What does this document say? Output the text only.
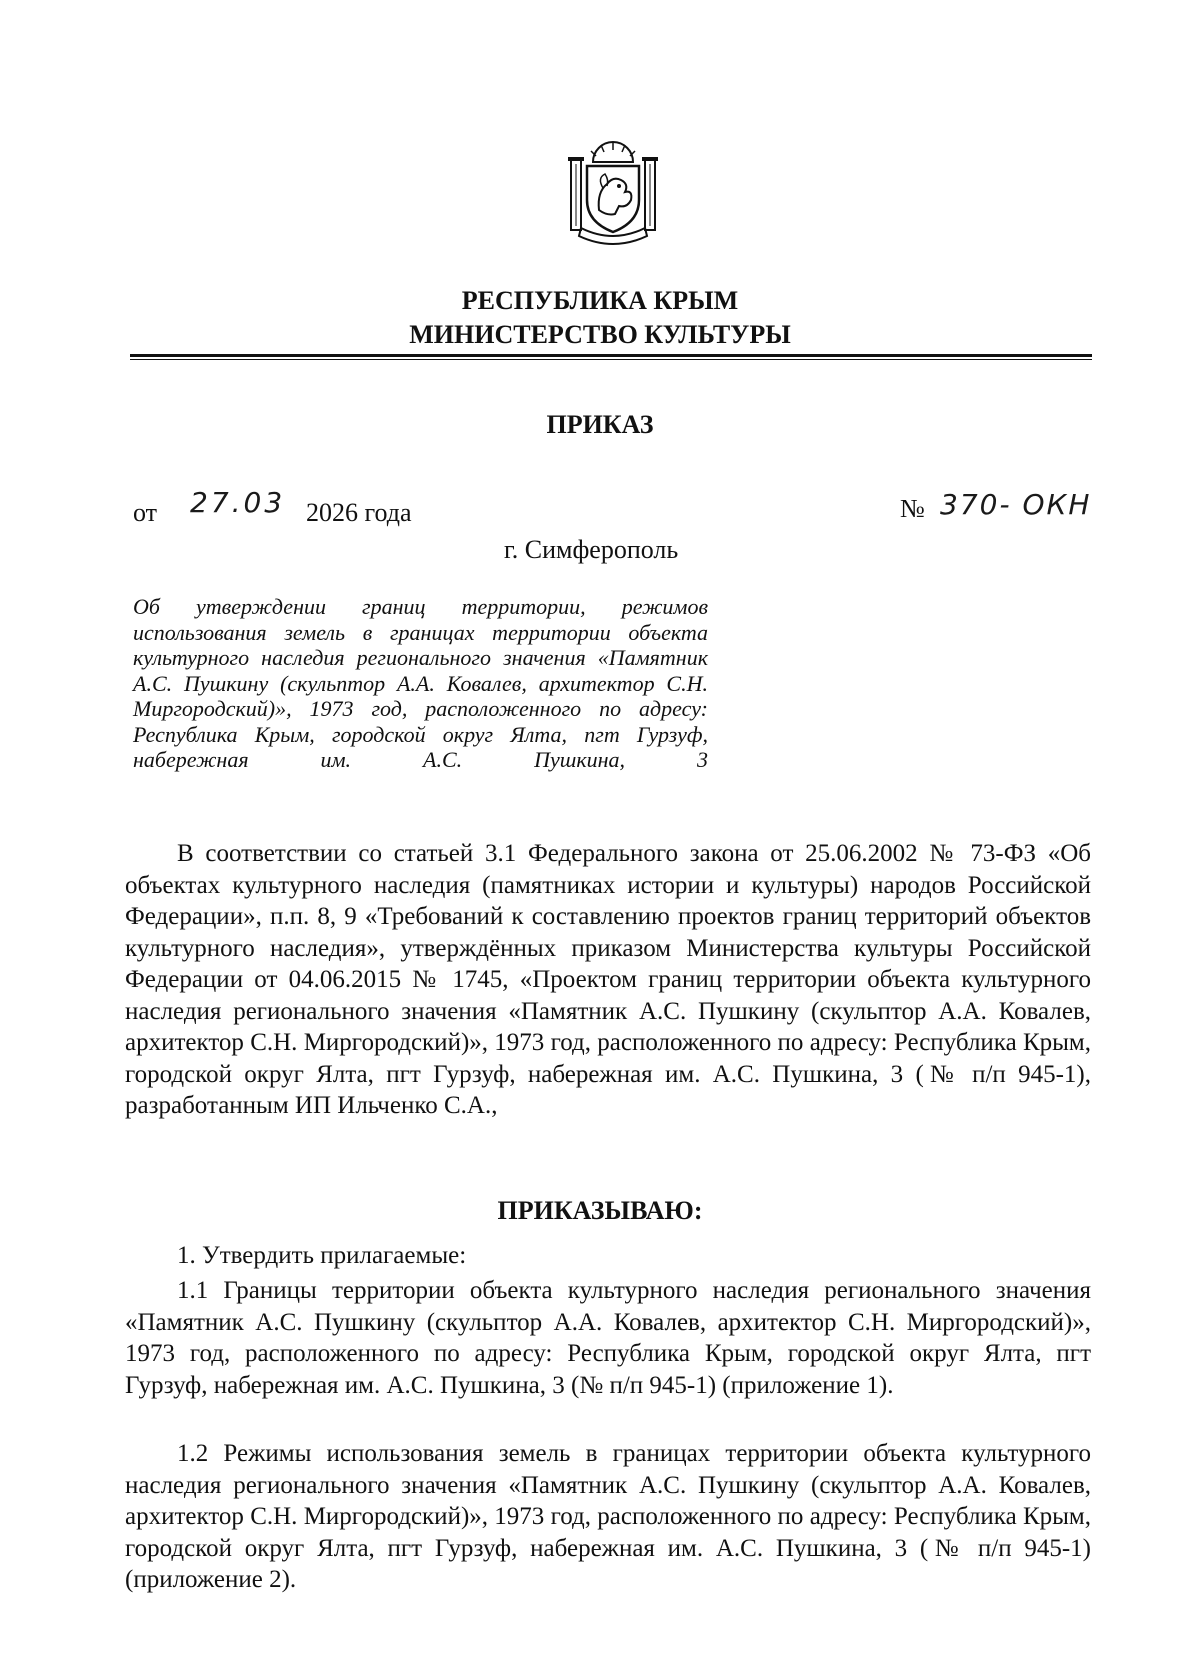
РЕСПУБЛИКА КРЫМ
МИНИСТЕРСТВО КУЛЬТУРЫ
ПРИКАЗ
от 27.03 2026 года	№ 370- ОКН
г. Симферополь
Об утверждении границ территории, режимов использования земель в границах территории объекта культурного наследия регионального значения «Памятник А.С. Пушкину (скульптор А.А. Ковалев, архитектор С.Н. Миргородский)», 1973 год, расположенного по адресу: Республика Крым, городской округ Ялта, пгт Гурзуф, набережная им. А.С. Пушкина, 3
В соответствии со статьей 3.1 Федерального закона от 25.06.2002 № 73-ФЗ «Об объектах культурного наследия (памятниках истории и культуры) народов Российской Федерации», п.п. 8, 9 «Требований к составлению проектов границ территорий объектов культурного наследия», утверждённых приказом Министерства культуры Российской Федерации от 04.06.2015 № 1745, «Проектом границ территории объекта культурного наследия регионального значения «Памятник А.С. Пушкину (скульптор А.А. Ковалев, архитектор С.Н. Миргородский)», 1973 год, расположенного по адресу: Республика Крым, городской округ Ялта, пгт Гурзуф, набережная им. А.С. Пушкина, 3 (№ п/п 945-1), разработанным ИП Ильченко С.А.,
ПРИКАЗЫВАЮ:
1. Утвердить прилагаемые:
1.1 Границы территории объекта культурного наследия регионального значения «Памятник А.С. Пушкину (скульптор А.А. Ковалев, архитектор С.Н. Миргородский)», 1973 год, расположенного по адресу: Республика Крым, городской округ Ялта, пгт Гурзуф, набережная им. А.С. Пушкина, 3 (№ п/п 945-1) (приложение 1).
1.2 Режимы использования земель в границах территории объекта культурного наследия регионального значения «Памятник А.С. Пушкину (скульптор А.А. Ковалев, архитектор С.Н. Миргородский)», 1973 год, расположенного по адресу: Республика Крым, городской округ Ялта, пгт Гурзуф, набережная им. А.С. Пушкина, 3 (№ п/п 945-1) (приложение 2).
